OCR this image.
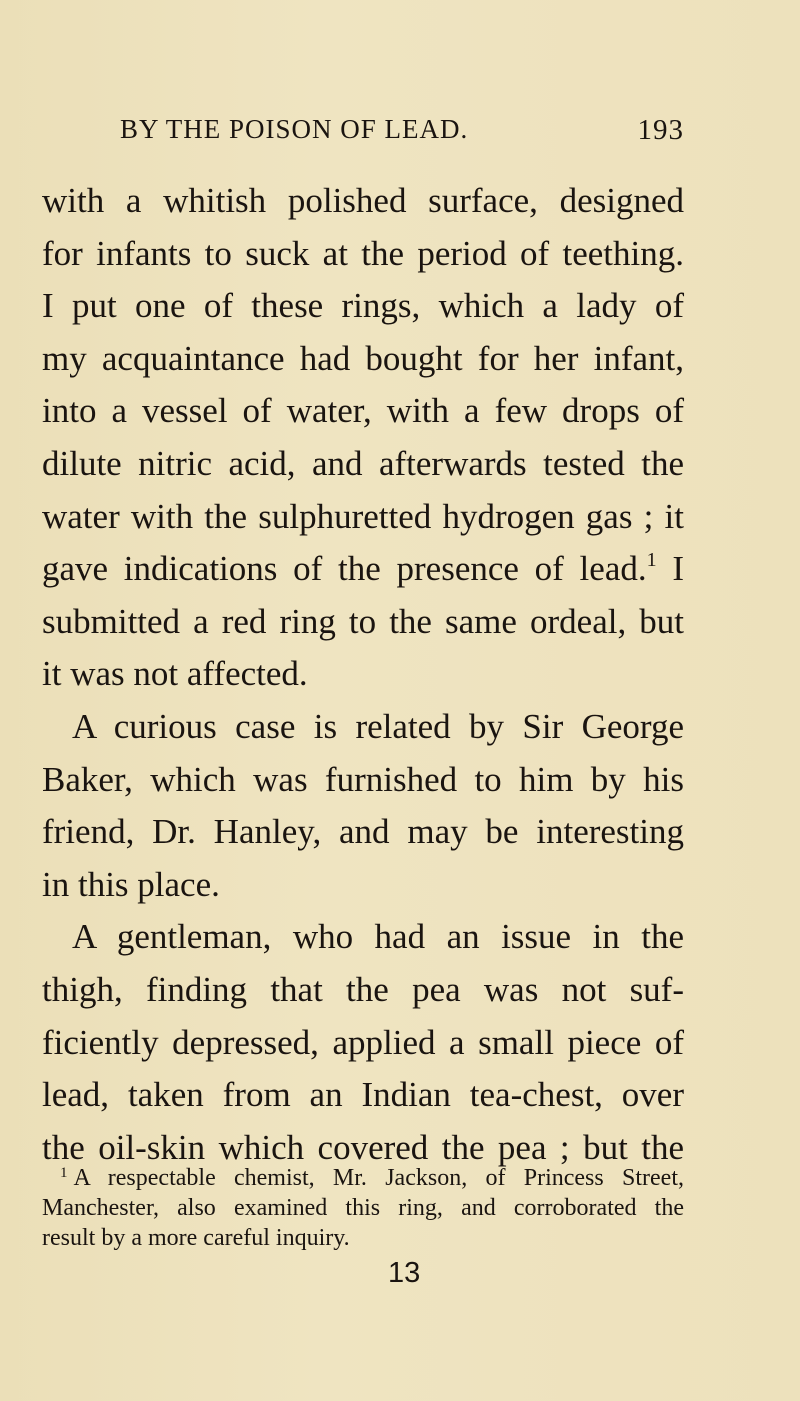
BY THE POISON OF LEAD.	193
with a whitish polished surface, designed
for infants to suck at the period of teething.
I put one of these rings, which a lady of
my acquaintance had bought for her infant,
into a vessel of water, with a few drops of
dilute nitric acid, and afterwards tested the
water with the sulphuretted hydrogen gas ; it
gave indications of the presence of lead.$^1$ I
submitted a red ring to the same ordeal, but
it was not affected.
A curious case is related by Sir George
Baker, which was furnished to him by his
friend, Dr. Hanley, and may be interesting
in this place.
A gentleman, who had an issue in the
thigh, finding that the pea was not suf-
ficiently depressed, applied a small piece of
lead, taken from an Indian tea-chest, over
the oil-skin which covered the pea ; but the
$^1$ A respectable chemist, Mr. Jackson, of Princess Street,
Manchester, also examined this ring, and corroborated the
result by a more careful inquiry.
13
